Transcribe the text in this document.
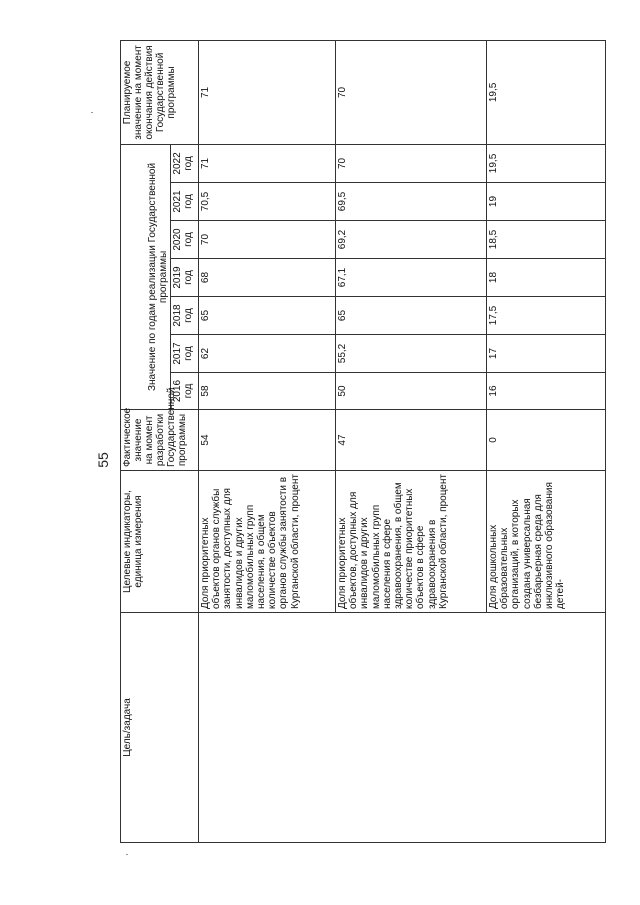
55
Цель/задача	Целевые индикаторы, единица измерения	Фактическое значение на момент разработки Государственной программы	Значение по годам реализации Государственной программы							Планируемое значение на момент окончания действия Государственной программы
			2016 год	2017 год	2018 год	2019 год	2020 год	2021 год	2022 год	
	Доля приоритетных объектов органов службы занятости, доступных для инвалидов и других маломобильных групп населения, в общем количестве объектов органов службы занятости в Курганской области, процент	54	58	62	65	68	70	70,5	71	71
	Доля приоритетных объектов, доступных для инвалидов и других маломобильных групп населения в сфере здравоохранения, в общем количестве приоритетных объектов в сфере здравоохранения в Курганской области, процент	47	50	55,2	65	67,1	69,2	69,5	70	70
	Доля дошкольных образовательных организаций, в которых создана универсальная безбарьерная среда для инклюзивного образования детей-	0	16	17	17,5	18	18,5	19	19,5	19,5
